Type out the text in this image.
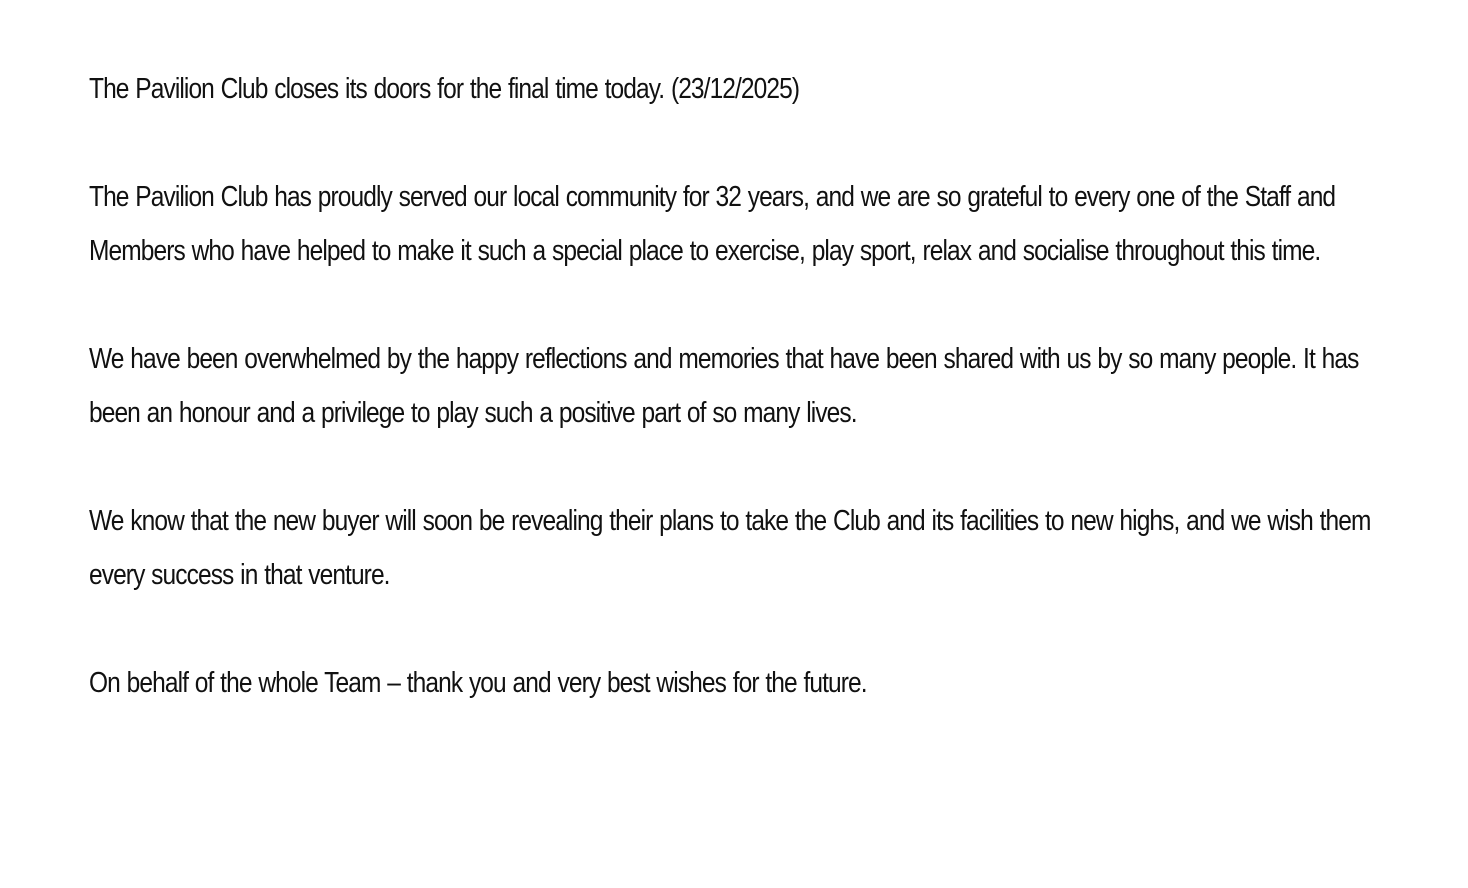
The Pavilion Club closes its doors for the final time today. (23/12/2025)

The Pavilion Club has proudly served our local community for 32 years, and we are so grateful to every one of the Staff and Members who have helped to make it such a special place to exercise, play sport, relax and socialise throughout this time.

We have been overwhelmed by the happy reflections and memories that have been shared with us by so many people. It has been an honour and a privilege to play such a positive part of so many lives.

We know that the new buyer will soon be revealing their plans to take the Club and its facilities to new highs, and we wish them every success in that venture.

On behalf of the whole Team – thank you and very best wishes for the future.
